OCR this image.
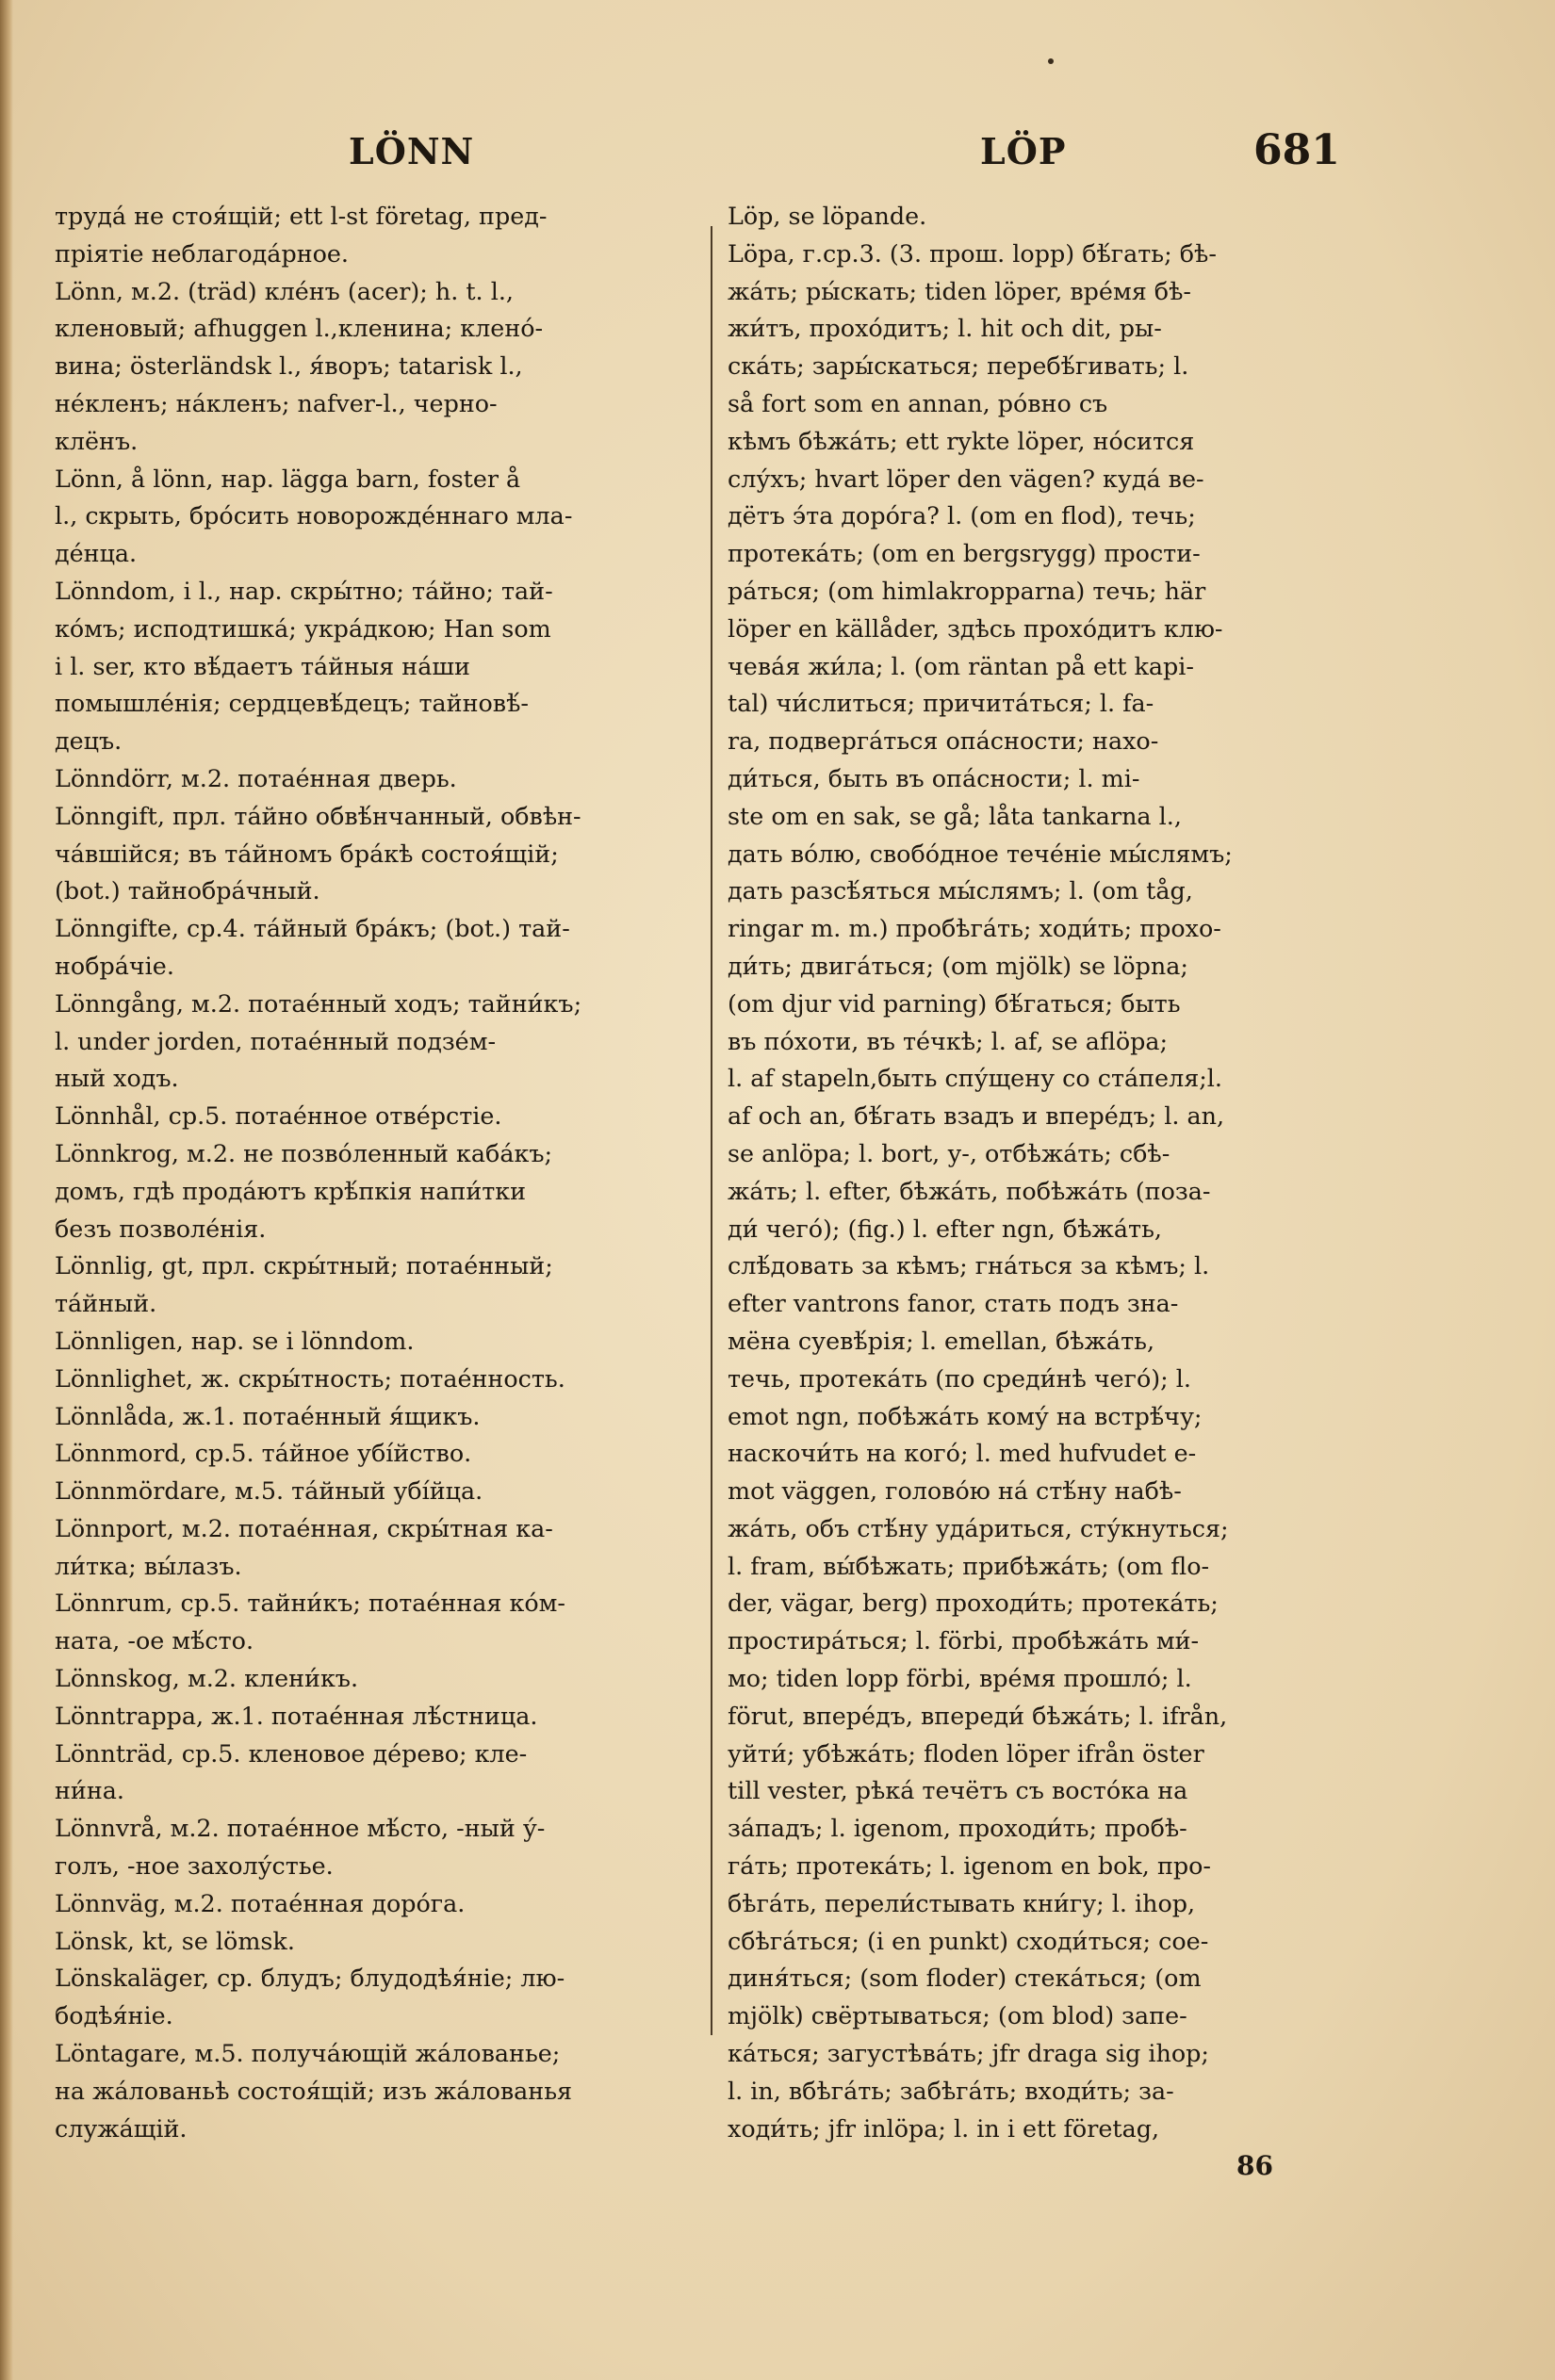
LÖNN	LÖP	681
труда́ не стоя́щій; ett l-st företag, пред-
пріятіе неблагода́рное.
Lönn, м.2. (träd) кле́нъ (acer); h. t. l.,
кленовый; afhuggen l.,кленина; клено́-
вина; österländsk l., я́воръ; tatarisk l.,
не́кленъ; на́кленъ; nafver-l., черно-
клёнъ.
Lönn, å lönn, нар. lägga barn, foster å
l., скрыть, бро́сить новорожде́ннаго мла-
де́нца.
Lönndom, i l., нар. скры́тно; та́йно; тай-
ко́мъ; исподтишка́; укра́дкою; Han som
i l. ser, кто вѣ́даетъ та́йныя на́ши
помышле́нія; сердцевѣ́децъ; тайновѣ́-
децъ.
Lönndörr, м.2. потае́нная дверь.
Lönngift, прл. та́йно обвѣ́нчанный, обвѣн-
ча́вшійся; въ та́йномъ бра́кѣ состоя́щій;
(bot.) тайнобра́чный.
Lönngifte, ср.4. та́йный бра́къ; (bot.) тай-
нобра́чіе.
Lönngång, м.2. потае́нный ходъ; тайни́къ;
l. under jorden, потае́нный подзе́м-
ный ходъ.
Lönnhål, ср.5. потае́нное отве́рстіе.
Lönnkrog, м.2. не позво́ленный каба́къ;
домъ, гдѣ прода́ютъ крѣ́пкія напи́тки
безъ позволе́нія.
Lönnlig, gt, прл. скры́тный; потае́нный;
та́йный.
Lönnligen, нар. se i lönndom.
Lönnlighet, ж. скры́тность; потае́нность.
Lönnlåda, ж.1. потае́нный я́щикъ.
Lönnmord, ср.5. та́йное убі́йство.
Lönnmördare, м.5. та́йный убі́йца.
Lönnport, м.2. потае́нная, скры́тная ка-
ли́тка; вы́лазъ.
Lönnrum, ср.5. тайни́къ; потае́нная ко́м-
ната, -ое мѣ́сто.
Lönnskog, м.2. клени́къ.
Lönntrappa, ж.1. потае́нная лѣ́стница.
Lönnträd, ср.5. кленовое де́рево; кле-
ни́на.
Lönnvrå, м.2. потае́нное мѣ́сто, -ный у́-
голъ, -ное захолу́стье.
Lönnväg, м.2. потае́нная доро́га.
Lönsk, kt, se lömsk.
Lönskaläger, ср. блудъ; блудодѣя́ніе; лю-
бодѣя́ніе.
Löntagare, м.5. получа́ющій жа́лованье;
на жа́лованьѣ состоя́щій; изъ жа́лованья
служа́щій.
Löp, se löpande.
Löpa, г.ср.3. (3. прош. lopp) бѣ́гать; бѣ-
жа́ть; ры́скать; tiden löper, вре́мя бѣ-
жи́тъ, прохо́дитъ; l. hit och dit, ры-
ска́ть; зары́скаться; перебѣ́гивать; l.
så fort som en annan, ро́вно съ
кѣмъ бѣжа́ть; ett rykte löper, но́сится
слу́хъ; hvart löper den vägen? куда́ ве-
дётъ э́та доро́га? l. (om en flod), течь;
протека́ть; (om en bergsrygg) прости-
ра́ться; (om himlakropparna) течь; här
löper en källåder, здѣсь прохо́дитъ клю-
чева́я жи́ла; l. (om räntan på ett kapi-
tal) чи́слиться; причита́ться; l. fa-
ra, подверга́ться опа́сности; нахо-
ди́ться, быть въ опа́сности; l. mi-
ste om en sak, se gå; låta tankarna l.,
дать во́лю, свобо́дное тече́ніе мы́слямъ;
дать разсѣ́яться мы́слямъ; l. (om tåg,
ringar m. m.) пробѣга́ть; ходи́ть; прохо-
ди́ть; двига́ться; (om mjölk) se löpna;
(om djur vid parning) бѣ́гаться; быть
въ по́хоти, въ те́чкѣ; l. af, se aflöpa;
l. af stapeln,быть спу́щену со ста́пеля;l.
af och an, бѣ́гать взадъ и впере́дъ; l. an,
se anlöpa; l. bort, у-, отбѣжа́ть; сбѣ-
жа́ть; l. efter, бѣжа́ть, побѣжа́ть (поза-
ди́ чего́); (fig.) l. efter ngn, бѣжа́ть,
слѣ́довать за кѣмъ; гна́ться за кѣмъ; l.
efter vantrons fanor, стать подъ зна-
мёна суевѣ́рія; l. emellan, бѣжа́ть,
течь, протека́ть (по среди́нѣ чего́); l.
emot ngn, побѣжа́ть кому́ на встрѣ́чу;
наскочи́ть на кого́; l. med hufvudet e-
mot väggen, голово́ю на́ стѣ́ну набѣ-
жа́ть, объ стѣ́ну уда́риться, сту́кнуться;
l. fram, вы́бѣжать; прибѣжа́ть; (om flo-
der, vägar, berg) проходи́ть; протека́ть;
простира́ться; l. förbi, пробѣжа́ть ми́-
мо; tiden lopp förbi, вре́мя прошло́; l.
förut, впере́дъ, впереди́ бѣжа́ть; l. ifrån,
уйти́; убѣжа́ть; floden löper ifrån öster
till vester, рѣка́ течётъ съ восто́ка на
за́падъ; l. igenom, проходи́ть; пробѣ-
га́ть; протека́ть; l. igenom en bok, про-
бѣга́ть, перели́стывать кни́гу; l. ihop,
сбѣга́ться; (i en punkt) сходи́ться; сое-
диня́ться; (som floder) стека́ться; (om
mjölk) свёртываться; (om blod) запе-
ка́ться; загустѣва́ть; jfr draga sig ihop;
l. in, вбѣга́ть; забѣга́ть; входи́ть; за-
ходи́ть; jfr inlöpa; l. in i ett företag,
86
